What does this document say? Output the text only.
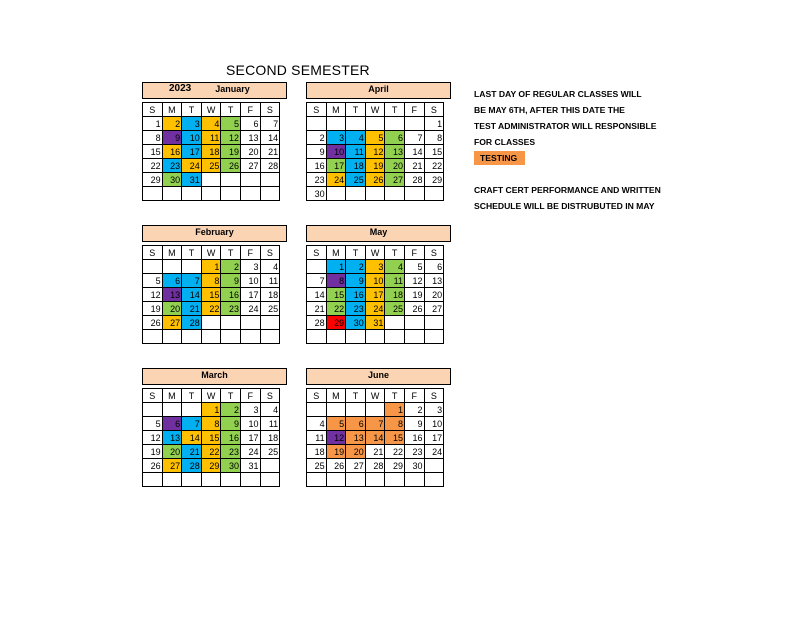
SECOND SEMESTER
2023	January
S	M	T	W	T	F	S
1	2	3	4	5	6	7
8	9	10	11	12	13	14
15	16	17	18	19	20	21
22	23	24	25	26	27	28
29	30	31				

April
S	M	T	W	T	F	S
						1
2	3	4	5	6	7	8
9	10	11	12	13	14	15
16	17	18	19	20	21	22
23	24	25	26	27	28	29
30						
February
S	M	T	W	T	F	S
			1	2	3	4
5	6	7	8	9	10	11
12	13	14	15	16	17	18
19	20	21	22	23	24	25
26	27	28				

May
S	M	T	W	T	F	S
	1	2	3	4	5	6
7	8	9	10	11	12	13
14	15	16	17	18	19	20
21	22	23	24	25	26	27
28	29	30	31			

March
S	M	T	W	T	F	S
			1	2	3	4
5	6	7	8	9	10	11
12	13	14	15	16	17	18
19	20	21	22	23	24	25
26	27	28	29	30	31	

June
S	M	T	W	T	F	S
				1	2	3
4	5	6	7	8	9	10
11	12	13	14	15	16	17
18	19	20	21	22	23	24
25	26	27	28	29	30	

LAST DAY OF REGULAR CLASSES WILL

BE MAY 6TH, AFTER THIS DATE THE

TEST ADMINISTRATOR WILL RESPONSIBLE

FOR CLASSES

TESTING

CRAFT CERT PERFORMANCE AND WRITTEN

SCHEDULE WILL BE DISTRUBUTED IN MAY
